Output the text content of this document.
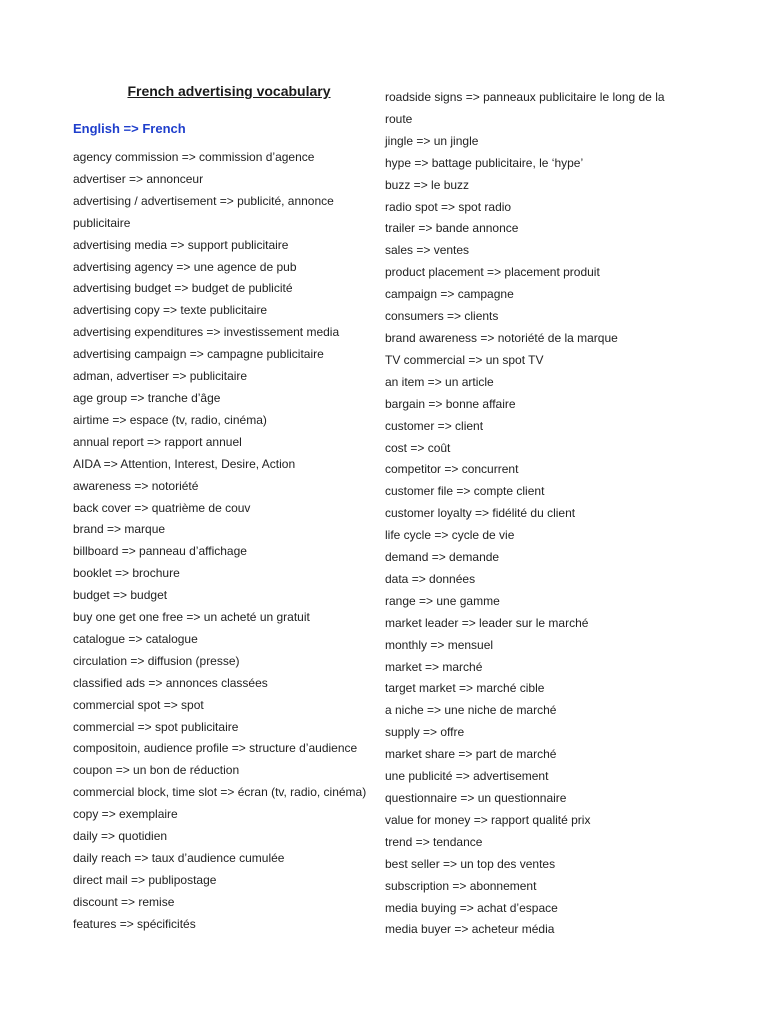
French advertising vocabulary
English => French
agency commission => commission d’agence
advertiser => annonceur
advertising / advertisement => publicité, annonce publicitaire
advertising media => support publicitaire
advertising agency => une agence de pub
advertising budget => budget de publicité
advertising copy => texte publicitaire
advertising expenditures => investissement media
advertising campaign => campagne publicitaire
adman, advertiser => publicitaire
age group => tranche d’âge
airtime => espace (tv, radio, cinéma)
annual report => rapport annuel
AIDA => Attention, Interest, Desire, Action
awareness => notoriété
back cover => quatrième de couv
brand => marque
billboard => panneau d’affichage
booklet => brochure
budget => budget
buy one get one free => un acheté un gratuit
catalogue => catalogue
circulation => diffusion (presse)
classified ads => annonces classées
commercial spot => spot
commercial => spot publicitaire
compositoin, audience profile => structure d’audience
coupon => un bon de réduction
commercial block, time slot => écran (tv, radio, cinéma)
copy => exemplaire
daily => quotidien
daily reach => taux d’audience cumulée
direct mail => publipostage
discount => remise
features => spécificités
roadside signs => panneaux publicitaire le long de la route
jingle => un jingle
hype => battage publicitaire, le ‘hype’
buzz => le buzz
radio spot => spot radio
trailer => bande annonce
sales => ventes
product placement => placement produit
campaign => campagne
consumers => clients
brand awareness => notoriété de la marque
TV commercial => un spot TV
an item => un article
bargain => bonne affaire
customer => client
cost => coût
competitor => concurrent
customer file => compte client
customer loyalty => fidélité du client
life cycle => cycle de vie
demand => demande
data => données
range => une gamme
market leader => leader sur le marché
monthly => mensuel
market => marché
target market => marché cible
a niche => une niche de marché
supply => offre
market share => part de marché
une publicité => advertisement
questionnaire => un questionnaire
value for money => rapport qualité prix
trend => tendance
best seller => un top des ventes
subscription => abonnement
media buying => achat d’espace
media buyer => acheteur média
